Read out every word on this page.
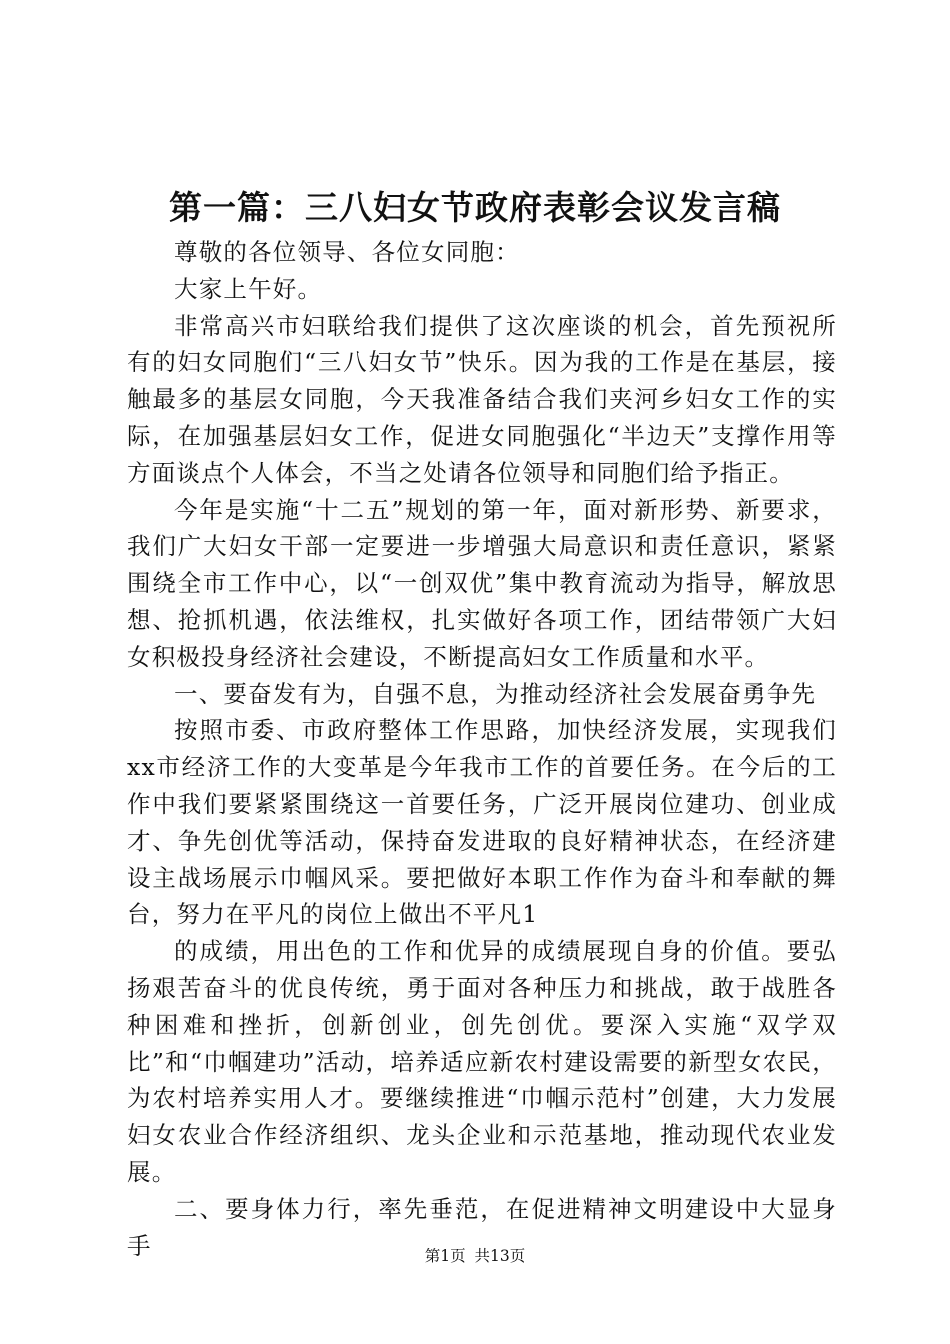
第一篇：三八妇女节政府表彰会议发言稿

尊敬的各位领导、各位女同胞：

大家上午好。

非常高兴市妇联给我们提供了这次座谈的机会，首先预祝所有的妇女同胞们“三八妇女节”快乐。因为我的工作是在基层，接触最多的基层女同胞，今天我准备结合我们夹河乡妇女工作的实际，在加强基层妇女工作，促进女同胞强化“半边天”支撑作用等方面谈点个人体会，不当之处请各位领导和同胞们给予指正。

今年是实施“十二五”规划的第一年，面对新形势、新要求，我们广大妇女干部一定要进一步增强大局意识和责任意识，紧紧围绕全市工作中心，以“一创双优”集中教育流动为指导，解放思想、抢抓机遇，依法维权，扎实做好各项工作，团结带领广大妇女积极投身经济社会建设，不断提高妇女工作质量和水平。

一、要奋发有为，自强不息，为推动经济社会发展奋勇争先

按照市委、市政府整体工作思路，加快经济发展，实现我们xx市经济工作的大变革是今年我市工作的首要任务。在今后的工作中我们要紧紧围绕这一首要任务，广泛开展岗位建功、创业成才、争先创优等活动，保持奋发进取的良好精神状态，在经济建设主战场展示巾帼风采。要把做好本职工作作为奋斗和奉献的舞台，努力在平凡的岗位上做出不平凡1

的成绩，用出色的工作和优异的成绩展现自身的价值。要弘扬艰苦奋斗的优良传统，勇于面对各种压力和挑战，敢于战胜各种困难和挫折，创新创业，创先创优。要深入实施“双学双比”和“巾帼建功”活动，培养适应新农村建设需要的新型女农民，为农村培养实用人才。要继续推进“巾帼示范村”创建，大力发展妇女农业合作经济组织、龙头企业和示范基地，推动现代农业发展。

二、要身体力行，率先垂范，在促进精神文明建设中大显身手	第1页 共13页
